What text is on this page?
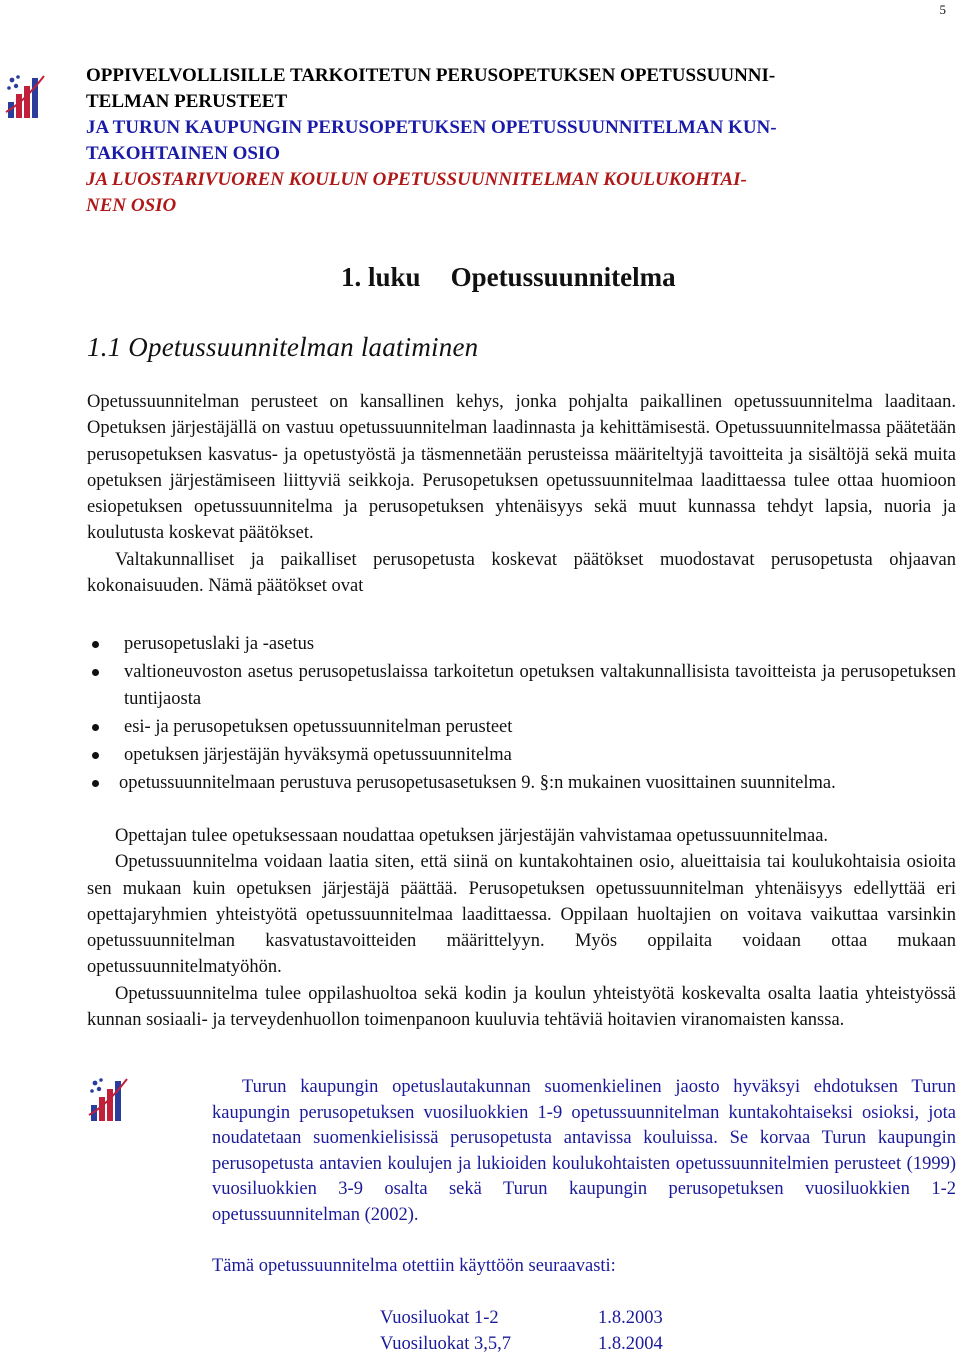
5
OPPIVELVOLLISILLE TARKOITETUN PERUSOPETUKSEN OPETUSSUUNNI-
TELMAN PERUSTEET
JA TURUN KAUPUNGIN PERUSOPETUKSEN OPETUSSUUNNITELMAN KUN-
TAKOHTAINEN OSIO
JA LUOSTARIVUOREN KOULUN OPETUSSUUNNITELMAN KOULUKOHTAI-
NEN OSIO
1. luku Opetussuunnitelma
1.1 Opetussuunnitelman laatiminen
Opetussuunnitelman perusteet on kansallinen kehys, jonka pohjalta paikallinen opetussuunnitelma laaditaan. Opetuksen järjestäjällä on vastuu opetussuunnitelman laadinnasta ja kehittämisestä. Opetussuunnitelmassa päätetään perusopetuksen kasvatus- ja opetustyöstä ja täsmennetään perusteissa määriteltyjä tavoitteita ja sisältöjä sekä muita opetuksen järjestämiseen liittyviä seikkoja. Perusopetuksen opetussuunnitelmaa laadittaessa tulee ottaa huomioon esiopetuksen opetussuunnitelma ja perusopetuksen yhtenäisyys sekä muut kunnassa tehdyt lapsia, nuoria ja koulutusta koskevat päätökset.
Valtakunnalliset ja paikalliset perusopetusta koskevat päätökset muodostavat perusopetusta ohjaavan kokonaisuuden. Nämä päätökset ovat
perusopetuslaki ja -asetus
valtioneuvoston asetus perusopetuslaissa tarkoitetun opetuksen valtakunnallisista tavoitteista ja perusopetuksen tuntijaosta
esi- ja perusopetuksen opetussuunnitelman perusteet
opetuksen järjestäjän hyväksymä opetussuunnitelma
opetussuunnitelmaan perustuva perusopetusasetuksen 9. §:n mukainen vuosittainen suunnitelma.
Opettajan tulee opetuksessaan noudattaa opetuksen järjestäjän vahvistamaa opetussuunnitelmaa.
Opetussuunnitelma voidaan laatia siten, että siinä on kuntakohtainen osio, alueittaisia tai koulukohtaisia osioita sen mukaan kuin opetuksen järjestäjä päättää. Perusopetuksen opetussuunnitelman yhtenäisyys edellyttää eri opettajaryhmien yhteistyötä opetussuunnitelmaa laadittaessa. Oppilaan huoltajien on voitava vaikuttaa varsinkin opetussuunnitelman kasvatustavoitteiden määrittelyyn. Myös oppilaita voidaan ottaa mukaan opetussuunnitelmatyöhön.
Opetussuunnitelma tulee oppilashuoltoa sekä kodin ja koulun yhteistyötä koskevalta osalta laatia yhteistyössä kunnan sosiaali- ja terveydenhuollon toimenpanoon kuuluvia tehtäviä hoitavien viranomaisten kanssa.
Turun kaupungin opetuslautakunnan suomenkielinen jaosto hyväksyi ehdotuksen Turun kaupungin perusopetuksen vuosiluokkien 1-9 opetussuunnitelman kuntakohtaiseksi osioksi, jota noudatetaan suomenkielisissä perusopetusta antavissa kouluissa. Se korvaa Turun kaupungin perusopetusta antavien koulujen ja lukioiden koulukohtaisten opetussuunnitelmien perusteet (1999) vuosiluokkien 3-9 osalta sekä Turun kaupungin perusopetuksen vuosiluokkien 1-2 opetussuunnitelman (2002).
Tämä opetussuunnitelma otettiin käyttöön seuraavasti:
Vuosiluokat 1-2	1.8.2003
Vuosiluokat 3,5,7	1.8.2004
